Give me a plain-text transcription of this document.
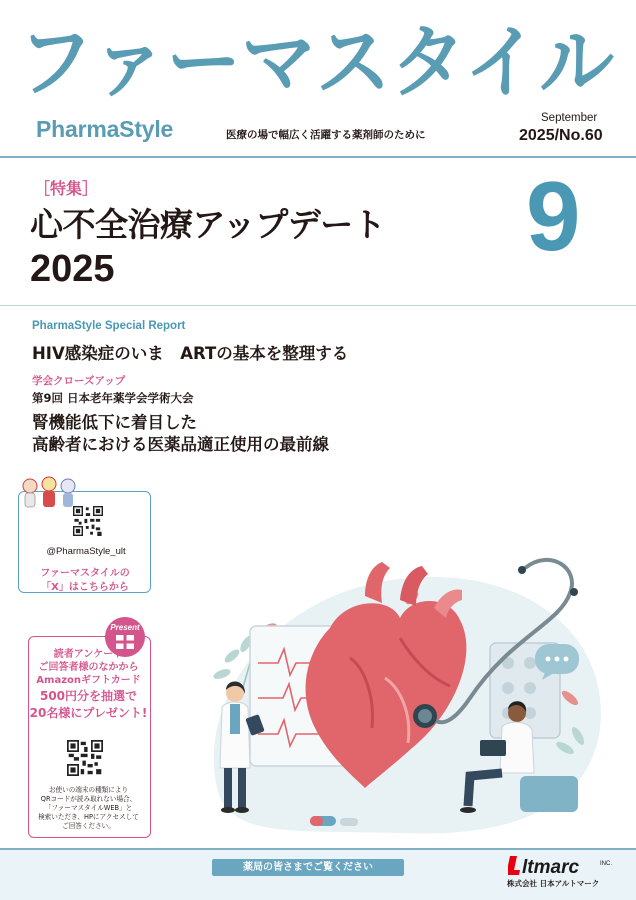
ファーマスタイル
PharmaStyle	医療の場で幅広く活躍する薬剤師のために
September
2025/No.60
［特集］
心不全治療アップデート
2025	9
PharmaStyle Special Report
HIV感染症のいま　ARTの基本を整理する
学会クローズアップ
第9回 日本老年薬学会学術大会
腎機能低下に着目した
高齢者における医薬品適正使用の最前線
@PharmaStyle_ult
ファーマスタイルの
「X」はこちらから
Present
読者アンケート
ご回答者様のなかから
Amazonギフトカード
500円分を抽選で
20名様にプレゼント!
お使いの端末の種類により
QRコードが読み取れない場合、
「ファーマスタイルWEB」と
検索いただき、HPにアクセスして
ご回答ください。
薬局の皆さまでご覧ください	ltmarc	INC.
株式会社 日本アルトマーク
